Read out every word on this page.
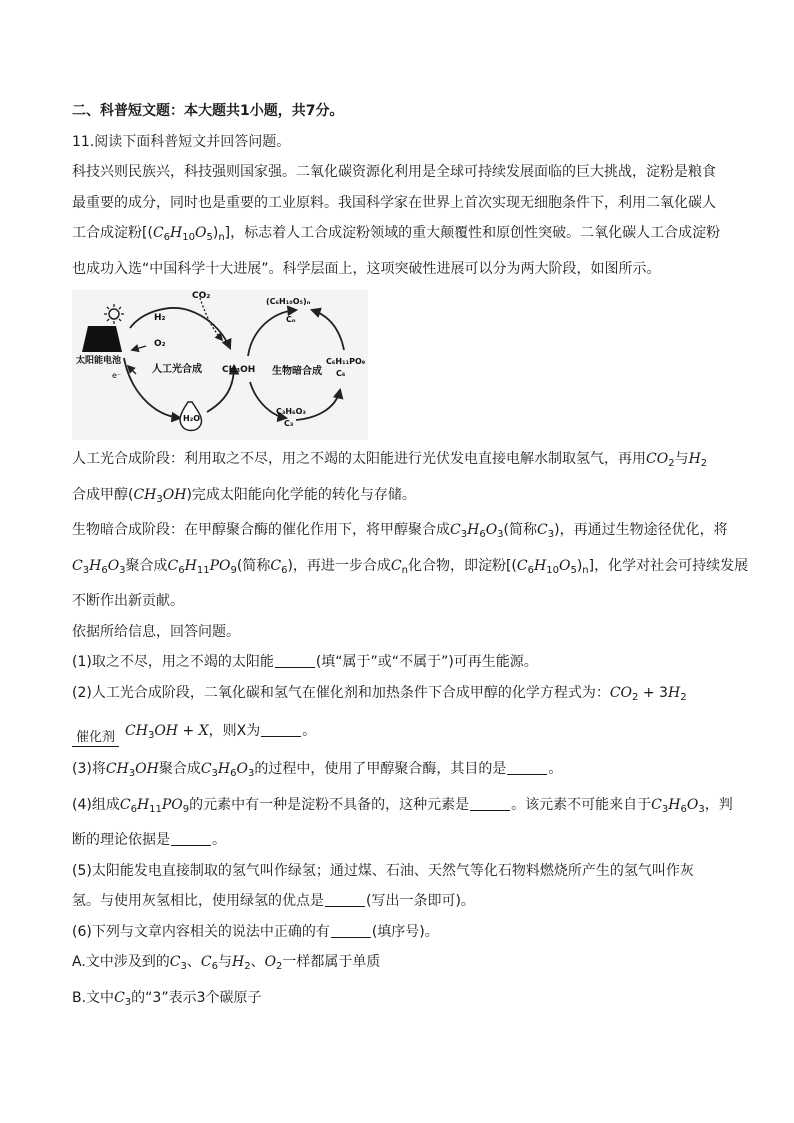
二、科普短文题：本大题共1小题，共7分。
11.阅读下面科普短文并回答问题。
科技兴则民族兴，科技强则国家强。二氧化碳资源化利用是全球可持续发展面临的巨大挑战，淀粉是粮食
最重要的成分，同时也是重要的工业原料。我国科学家在世界上首次实现无细胞条件下，利用二氧化碳人
工合成淀粉$[(C_6H_{10}O_5)_n]$，标志着人工合成淀粉领域的重大颠覆性和原创性突破。二氧化碳人工合成淀粉
也成功入选“中国科学十大进展”。科学层面上，这项突破性进展可以分为两大阶段，如图所示。
太阳能电池
e⁻
H₂
O₂
CO₂
人工光合成 CH₃OH
H₂O
(C₆H₁₀O₅)ₙ
Cₙ
生物暗合成
C₆H₁₁PO₉
C₆
C₃H₆O₃
C₃
人工光合成阶段：利用取之不尽，用之不竭的太阳能进行光伏发电直接电解水制取氢气，再用$CO_2$与$H_2$
合成甲醇$(CH_3OH)$完成太阳能向化学能的转化与存储。
生物暗合成阶段：在甲醇聚合酶的催化作用下，将甲醇聚合成$C_3H_6O_3$(简称$C_3$)，再通过生物途径优化，将
$C_3H_6O_3$聚合成$C_6H_{11}PO_9$(简称$C_6$)，再进一步合成$C_n$化合物，即淀粉$[(C_6H_{10}O_5)_n]$，化学对社会可持续发展
不断作出新贡献。
依据所给信息，回答问题。
(1)取之不尽，用之不竭的太阳能	(填“属于”或“不属于”)可再生能源。
(2)人工光合成阶段，二氧化碳和氢气在催化剂和加热条件下合成甲醇的化学方程式为：$CO_2 + 3H_2$
催化剂 $CH_3OH + X$，则X为	。
(3)将$CH_3OH$聚合成$C_3H_6O_3$的过程中，使用了甲醇聚合酶，其目的是	。
(4)组成$C_6H_{11}PO_9$的元素中有一种是淀粉不具备的，这种元素是	。该元素不可能来自于$C_3H_6O_3$，判
断的理论依据是	。
(5)太阳能发电直接制取的氢气叫作绿氢；通过煤、石油、天然气等化石物料燃烧所产生的氢气叫作灰
氢。与使用灰氢相比，使用绿氢的优点是	(写出一条即可)。
(6)下列与文章内容相关的说法中正确的有	(填序号)。
A.文中涉及到的$C_3$、$C_6$与$H_2$、$O_2$一样都属于单质
B.文中$C_3$的“3”表示3个碳原子
